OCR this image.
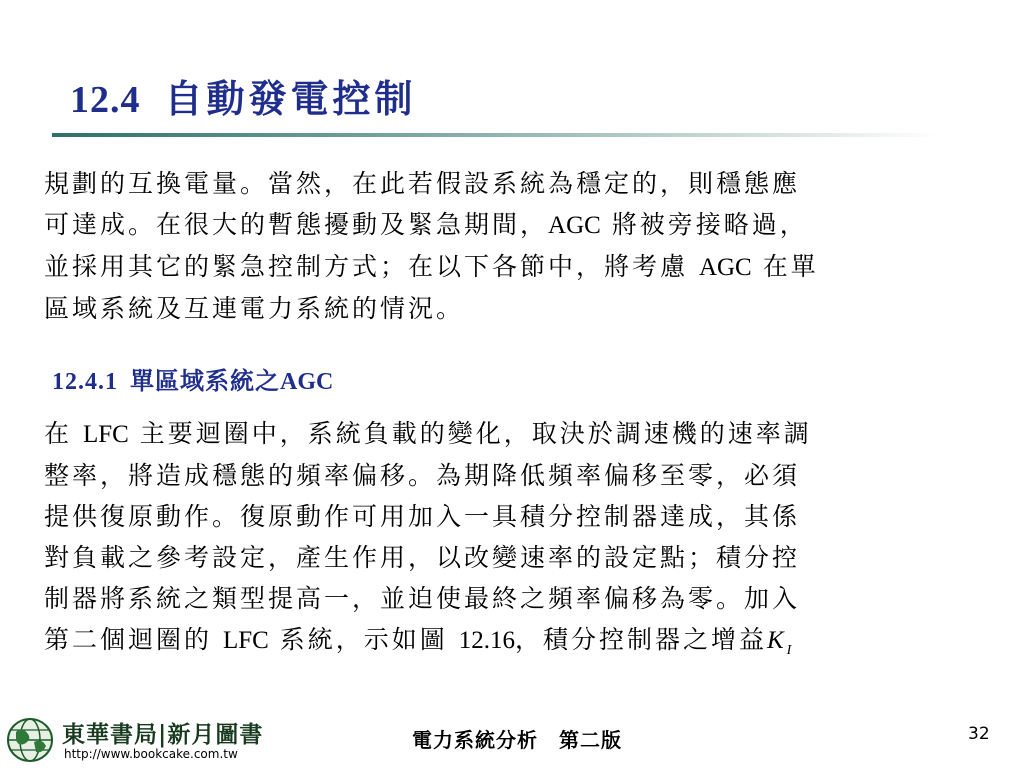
12.4 自動發電控制
規劃的互換電量。當然，在此若假設系統為穩定的，則穩態應
可達成。在很大的暫態擾動及緊急期間，AGC 將被旁接略過，
並採用其它的緊急控制方式；在以下各節中，將考慮 AGC 在單
區域系統及互連電力系統的情況。
12.4.1 單區域系統之AGC
在 LFC 主要迴圈中，系統負載的變化，取決於調速機的速率調
整率，將造成穩態的頻率偏移。為期降低頻率偏移至零，必須
提供復原動作。復原動作可用加入一具積分控制器達成，其係
對負載之參考設定，產生作用，以改變速率的設定點；積分控
制器將系統之類型提高一，並迫使最終之頻率偏移為零。加入
第二個迴圈的 LFC 系統，示如圖 12.16，積分控制器之增益$K_I$
東華書局|新月圖書
http://www.bookcake.com.tw
電力系統分析　第二版	32
